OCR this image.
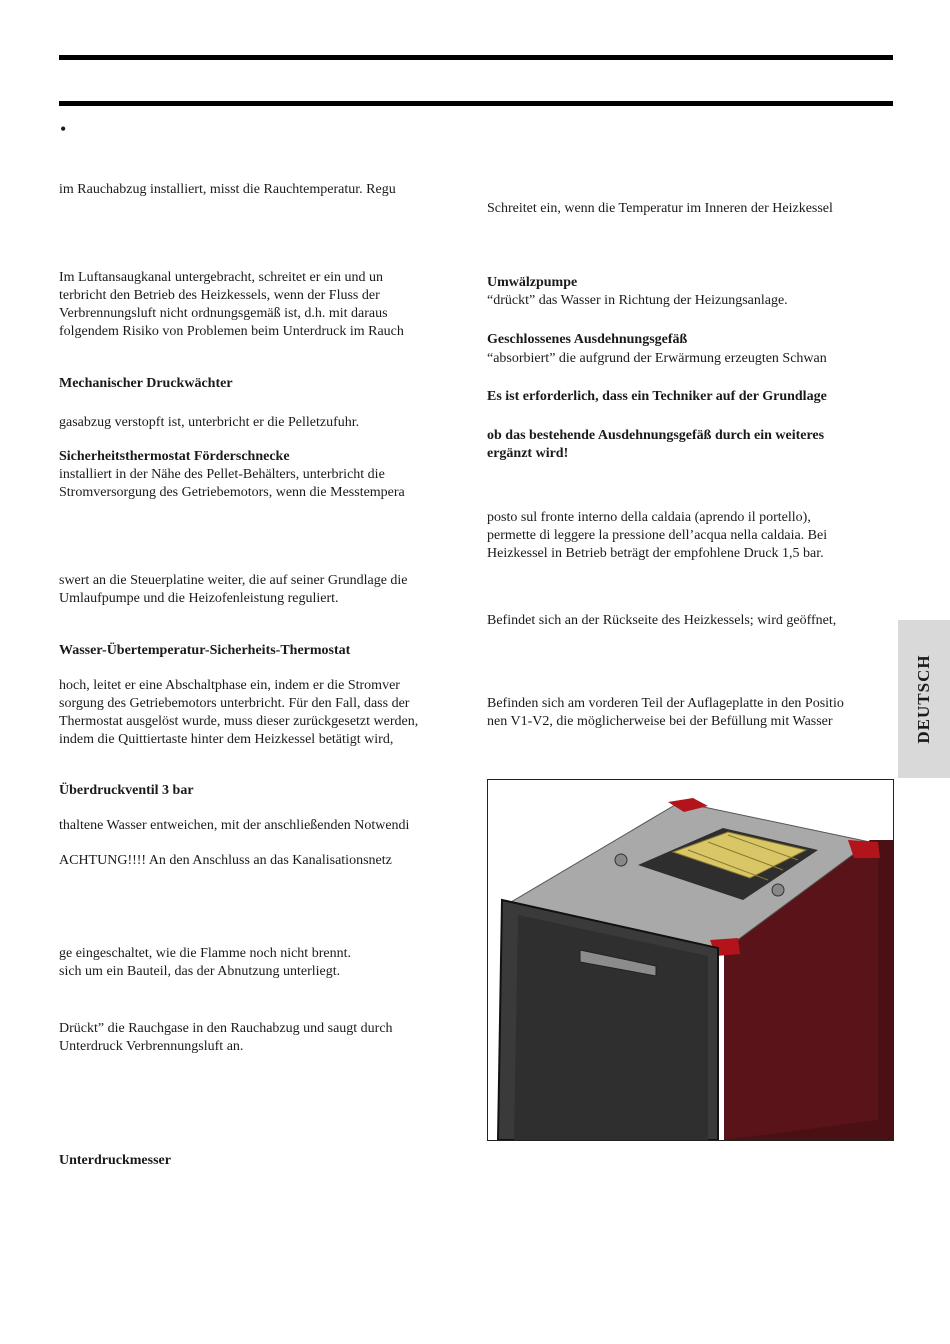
•
im Rauchabzug installiert, misst die Rauchtemperatur. Regu
Im Luftansaugkanal untergebracht, schreitet er ein und un
terbricht den Betrieb des Heizkessels, wenn der Fluss der
Verbrennungsluft nicht ordnungsgemäß ist, d.h. mit daraus
folgendem Risiko von Problemen beim Unterdruck im Rauch
Mechanischer Druckwächter
gasabzug verstopft ist, unterbricht er die Pelletzufuhr.
Sicherheitsthermostat Förderschnecke
installiert in der Nähe des Pellet-Behälters, unterbricht die
Stromversorgung des Getriebemotors, wenn die Messtempera
swert an die Steuerplatine weiter, die auf seiner Grundlage die
Umlaufpumpe und die Heizofenleistung reguliert.
Wasser-Übertemperatur-Sicherheits-Thermostat
hoch, leitet er eine Abschaltphase ein, indem er die Stromver
sorgung des Getriebemotors unterbricht. Für den Fall, dass der
Thermostat ausgelöst wurde, muss dieser zurückgesetzt werden,
indem die Quittiertaste hinter dem Heizkessel betätigt wird,
Überdruckventil 3 bar
thaltene Wasser entweichen, mit der anschließenden Notwendi
ACHTUNG!!!! An den Anschluss an das Kanalisationsnetz
ge eingeschaltet, wie die Flamme noch nicht brennt.
sich um ein Bauteil, das der Abnutzung unterliegt.
Drückt” die Rauchgase in den Rauchabzug und saugt durch
Unterdruck Verbrennungsluft an.
Unterdruckmesser
Schreitet ein, wenn die Temperatur im Inneren der Heizkessel
Umwälzpumpe
“drückt” das Wasser in Richtung der Heizungsanlage.
Geschlossenes Ausdehnungsgefäß
“absorbiert” die aufgrund der Erwärmung erzeugten Schwan
Es ist erforderlich, dass ein Techniker auf der Grundlage
ob das bestehende Ausdehnungsgefäß durch ein weiteres
ergänzt wird!
posto sul fronte interno della caldaia (aprendo il portello),
permette di leggere la pressione dell’acqua nella caldaia. Bei
Heizkessel in Betrieb beträgt der empfohlene Druck 1,5 bar.
Befindet sich an der Rückseite des Heizkessels; wird geöffnet,
Befinden sich am vorderen Teil der Auflageplatte in den Positio
nen V1-V2, die möglicherweise bei der Befüllung mit Wasser	DEUTSCH
